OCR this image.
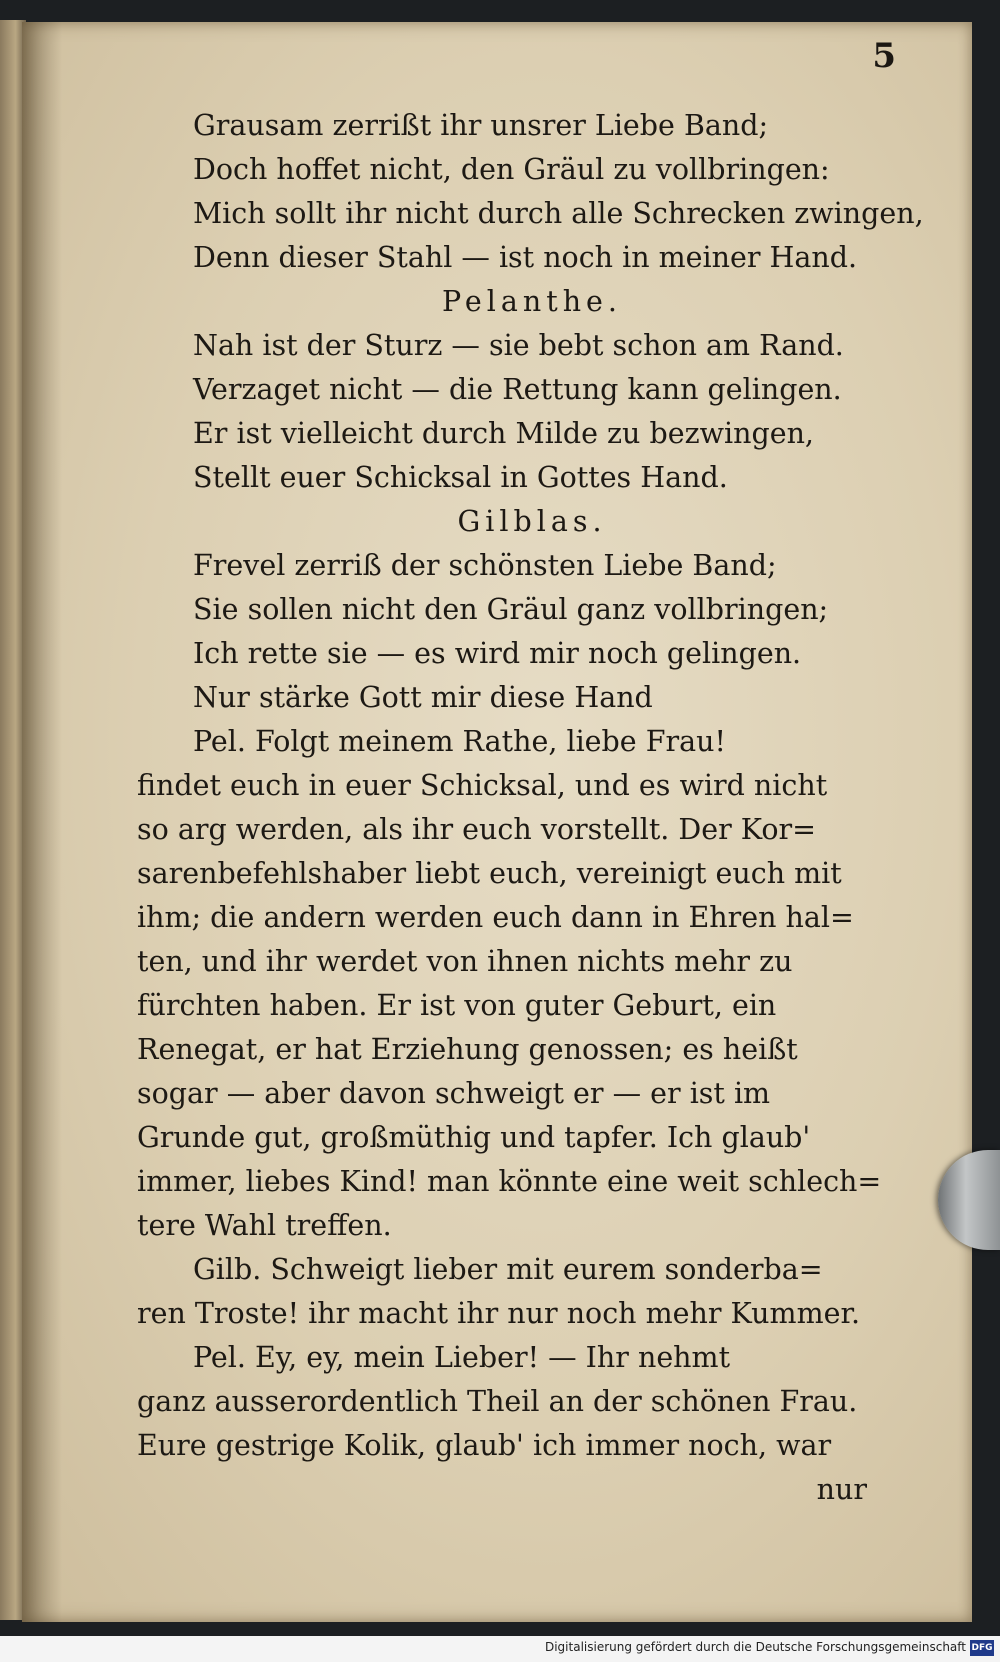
5
Grausam zerrißt ihr unsrer Liebe Band;
Doch hoffet nicht, den Gräul zu vollbringen:
Mich sollt ihr nicht durch alle Schrecken zwingen,
Denn dieser Stahl — ist noch in meiner Hand.
Pelanthe.
Nah ist der Sturz — sie bebt schon am Rand.
Verzaget nicht — die Rettung kann gelingen.
Er ist vielleicht durch Milde zu bezwingen,
Stellt euer Schicksal in Gottes Hand.
Gilblas.
Frevel zerriß der schönsten Liebe Band;
Sie sollen nicht den Gräul ganz vollbringen;
Ich rette sie — es wird mir noch gelingen.
Nur stärke Gott mir diese Hand
Pel. Folgt meinem Rathe, liebe Frau!
findet euch in euer Schicksal, und es wird nicht
so arg werden, als ihr euch vorstellt. Der Kor=
sarenbefehlshaber liebt euch, vereinigt euch mit
ihm; die andern werden euch dann in Ehren hal=
ten, und ihr werdet von ihnen nichts mehr zu
fürchten haben. Er ist von guter Geburt, ein
Renegat, er hat Erziehung genossen; es heißt
sogar — aber davon schweigt er — er ist im
Grunde gut, großmüthig und tapfer. Ich glaub'
immer, liebes Kind! man könnte eine weit schlech=
tere Wahl treffen.
Gilb. Schweigt lieber mit eurem sonderba=
ren Troste! ihr macht ihr nur noch mehr Kummer.
Pel. Ey, ey, mein Lieber! — Ihr nehmt
ganz ausserordentlich Theil an der schönen Frau.
Eure gestrige Kolik, glaub' ich immer noch, war
nur
Digitalisierung gefördert durch die Deutsche Forschungsgemeinschaft DFG
